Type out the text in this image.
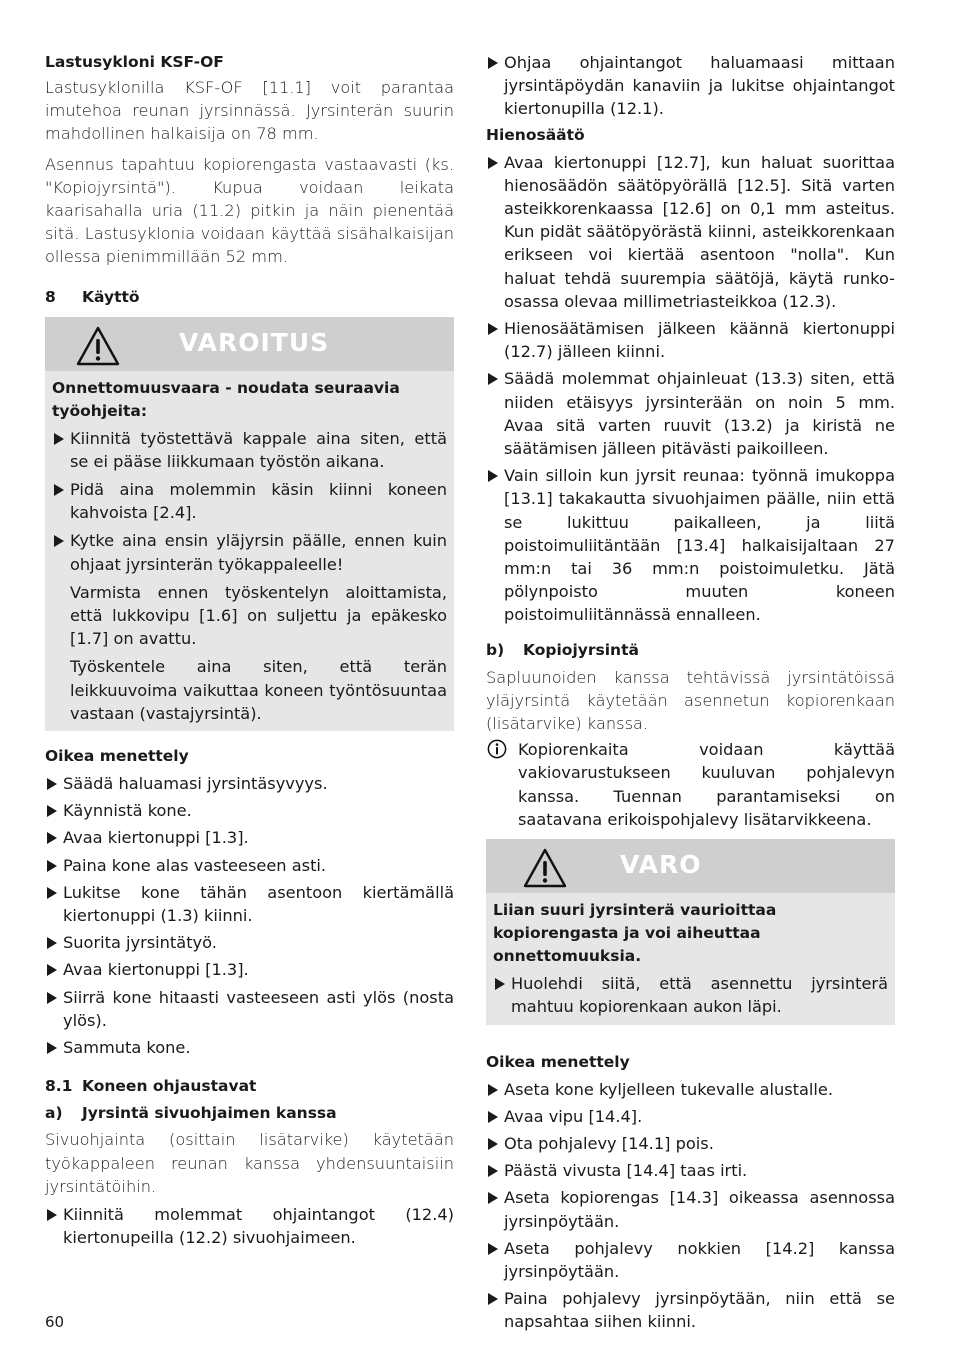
Lastusykloni KSF-OF

Lastusyklonilla KSF-OF [11.1] voit parantaa imutehoa reunan jyrsinnässä. Jyrsinterän suurin mahdollinen halkaisija on 78 mm.

Asennus tapahtuu kopiorengasta vastaavasti (ks. "Kopiojyrsintä"). Kupua voidaan leikata kaarisahalla uria (11.2) pitkin ja näin pienentää sitä. Lastusyklonia voidaan käyttää sisähalkaisijan ollessa pienimmillään 52 mm.

8	Käyttö
VAROITUS

Onnettomuusvaara - noudata seuraavia työohjeita:

Kiinnitä työstettävä kappale aina siten, että se ei pääse liikkumaan työstön aikana.

Pidä aina molemmin käsin kiinni koneen kahvoista [2.4].

Kytke aina ensin yläjyrsin päälle, ennen kuin ohjaat jyrsinterän työkappaleelle!

Varmista ennen työskentelyn aloittamista, että lukkovipu [1.6] on suljettu ja epäkesko [1.7] on avattu.

Työskentele aina siten, että terän leikkuuvoima vaikuttaa koneen työntösuuntaa vastaan (vastajyrsintä).

Oikea menettely

Säädä haluamasi jyrsintäsyvyys.

Käynnistä kone.

Avaa kiertonuppi [1.3].

Paina kone alas vasteeseen asti.

Lukitse kone tähän asentoon kiertämällä kiertonuppi (1.3) kiinni.

Suorita jyrsintätyö.

Avaa kiertonuppi [1.3].

Siirrä kone hitaasti vasteeseen asti ylös (nosta ylös).

Sammuta kone.

8.1 Koneen ohjaustavat
a)	Jyrsintä sivuohjaimen kanssa

Sivuohjainta (osittain lisätarvike) käytetään työkappaleen reunan kanssa yhdensuuntaisiin jyrsintätöihin.

Kiinnitä molemmat ohjaintangot (12.4) kiertonupeilla (12.2) sivuohjaimeen.

Ohjaa ohjaintangot haluamaasi mittaan jyrsintäpöydän kanaviin ja lukitse ohjaintangot kiertonupilla (12.1).

Hienosäätö

Avaa kiertonuppi [12.7], kun haluat suorittaa hienosäädön säätöpyörällä [12.5]. Sitä varten asteikkorenkaassa [12.6] on 0,1 mm asteitus. Kun pidät säätöpyörästä kiinni, asteikkorenkaan erikseen voi kiertää asentoon "nolla". Kun haluat tehdä suurempia säätöjä, käytä runko-osassa olevaa millimetriasteikkoa (12.3).

Hienosäätämisen jälkeen käännä kiertonuppi (12.7) jälleen kiinni.

Säädä molemmat ohjainleuat (13.3) siten, että niiden etäisyys jyrsinterään on noin 5 mm. Avaa sitä varten ruuvit (13.2) ja kiristä ne säätämisen jälleen pitävästi paikoilleen.

Vain silloin kun jyrsit reunaa: työnnä imukoppa [13.1] takakautta sivuohjaimen päälle, niin että se lukittuu paikalleen, ja liitä poistoimuliitäntään [13.4] halkaisijaltaan 27 mm:n tai 36 mm:n poistoimuletku. Jätä pölynpoisto muuten koneen poistoimuliitännässä ennalleen.

b)	Kopiojyrsintä

Sapluunoiden kanssa tehtävissä jyrsintätöissä yläjyrsintä käytetään asennetun kopiorenkaan (lisätarvike) kanssa.

Kopiorenkaita voidaan käyttää vakiovarustukseen kuuluvan pohjalevyn kanssa. Tuennan parantamiseksi on saatavana erikoispohjalevy lisätarvikkeena.
VARO

Liian suuri jyrsinterä vaurioittaa kopiorengasta ja voi aiheuttaa onnettomuuksia.

Huolehdi siitä, että asennettu jyrsinterä mahtuu kopiorenkaan aukon läpi.

Oikea menettely

Aseta kone kyljelleen tukevalle alustalle.

Avaa vipu [14.4].

Ota pohjalevy [14.1] pois.

Päästä vivusta [14.4] taas irti.

Aseta kopiorengas [14.3] oikeassa asennossa jyrsinpöytään.

Aseta pohjalevy nokkien [14.2] kanssa jyrsinpöytään.

Paina pohjalevy jyrsinpöytään, niin että se napsahtaa siihen kiinni.

60
